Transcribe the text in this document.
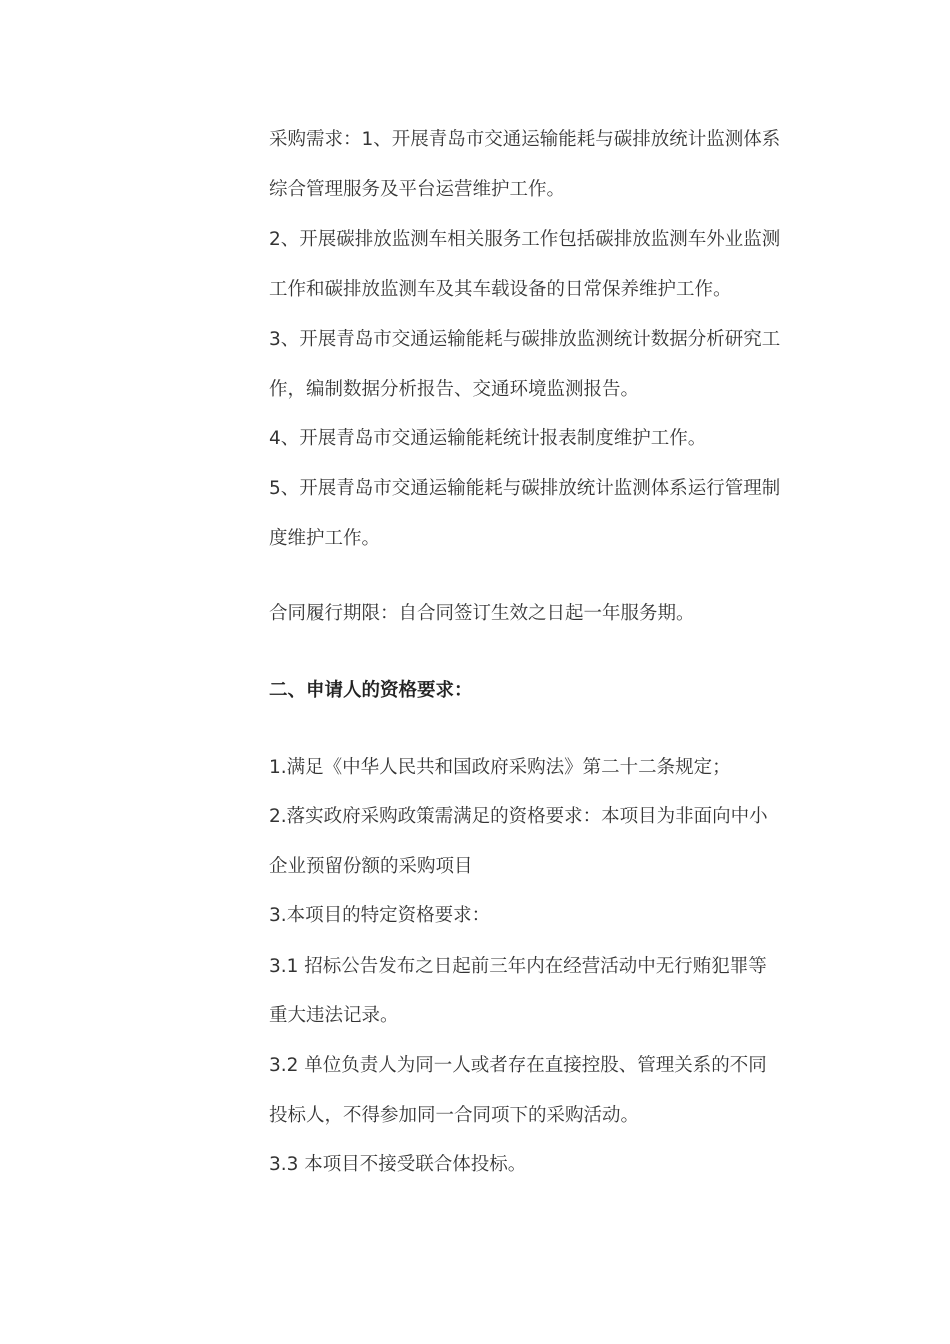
采购需求：1、开展青岛市交通运输能耗与碳排放统计监测体系
综合管理服务及平台运营维护工作。
2、开展碳排放监测车相关服务工作包括碳排放监测车外业监测
工作和碳排放监测车及其车载设备的日常保养维护工作。
3、开展青岛市交通运输能耗与碳排放监测统计数据分析研究工
作，编制数据分析报告、交通环境监测报告。
4、开展青岛市交通运输能耗统计报表制度维护工作。
5、开展青岛市交通运输能耗与碳排放统计监测体系运行管理制
度维护工作。
合同履行期限：自合同签订生效之日起一年服务期。
二、申请人的资格要求：
1.满足《中华人民共和国政府采购法》第二十二条规定；
2.落实政府采购政策需满足的资格要求：本项目为非面向中小
企业预留份额的采购项目
3.本项目的特定资格要求：
3.1 招标公告发布之日起前三年内在经营活动中无行贿犯罪等
重大违法记录。
3.2 单位负责人为同一人或者存在直接控股、管理关系的不同
投标人，不得参加同一合同项下的采购活动。
3.3 本项目不接受联合体投标。
